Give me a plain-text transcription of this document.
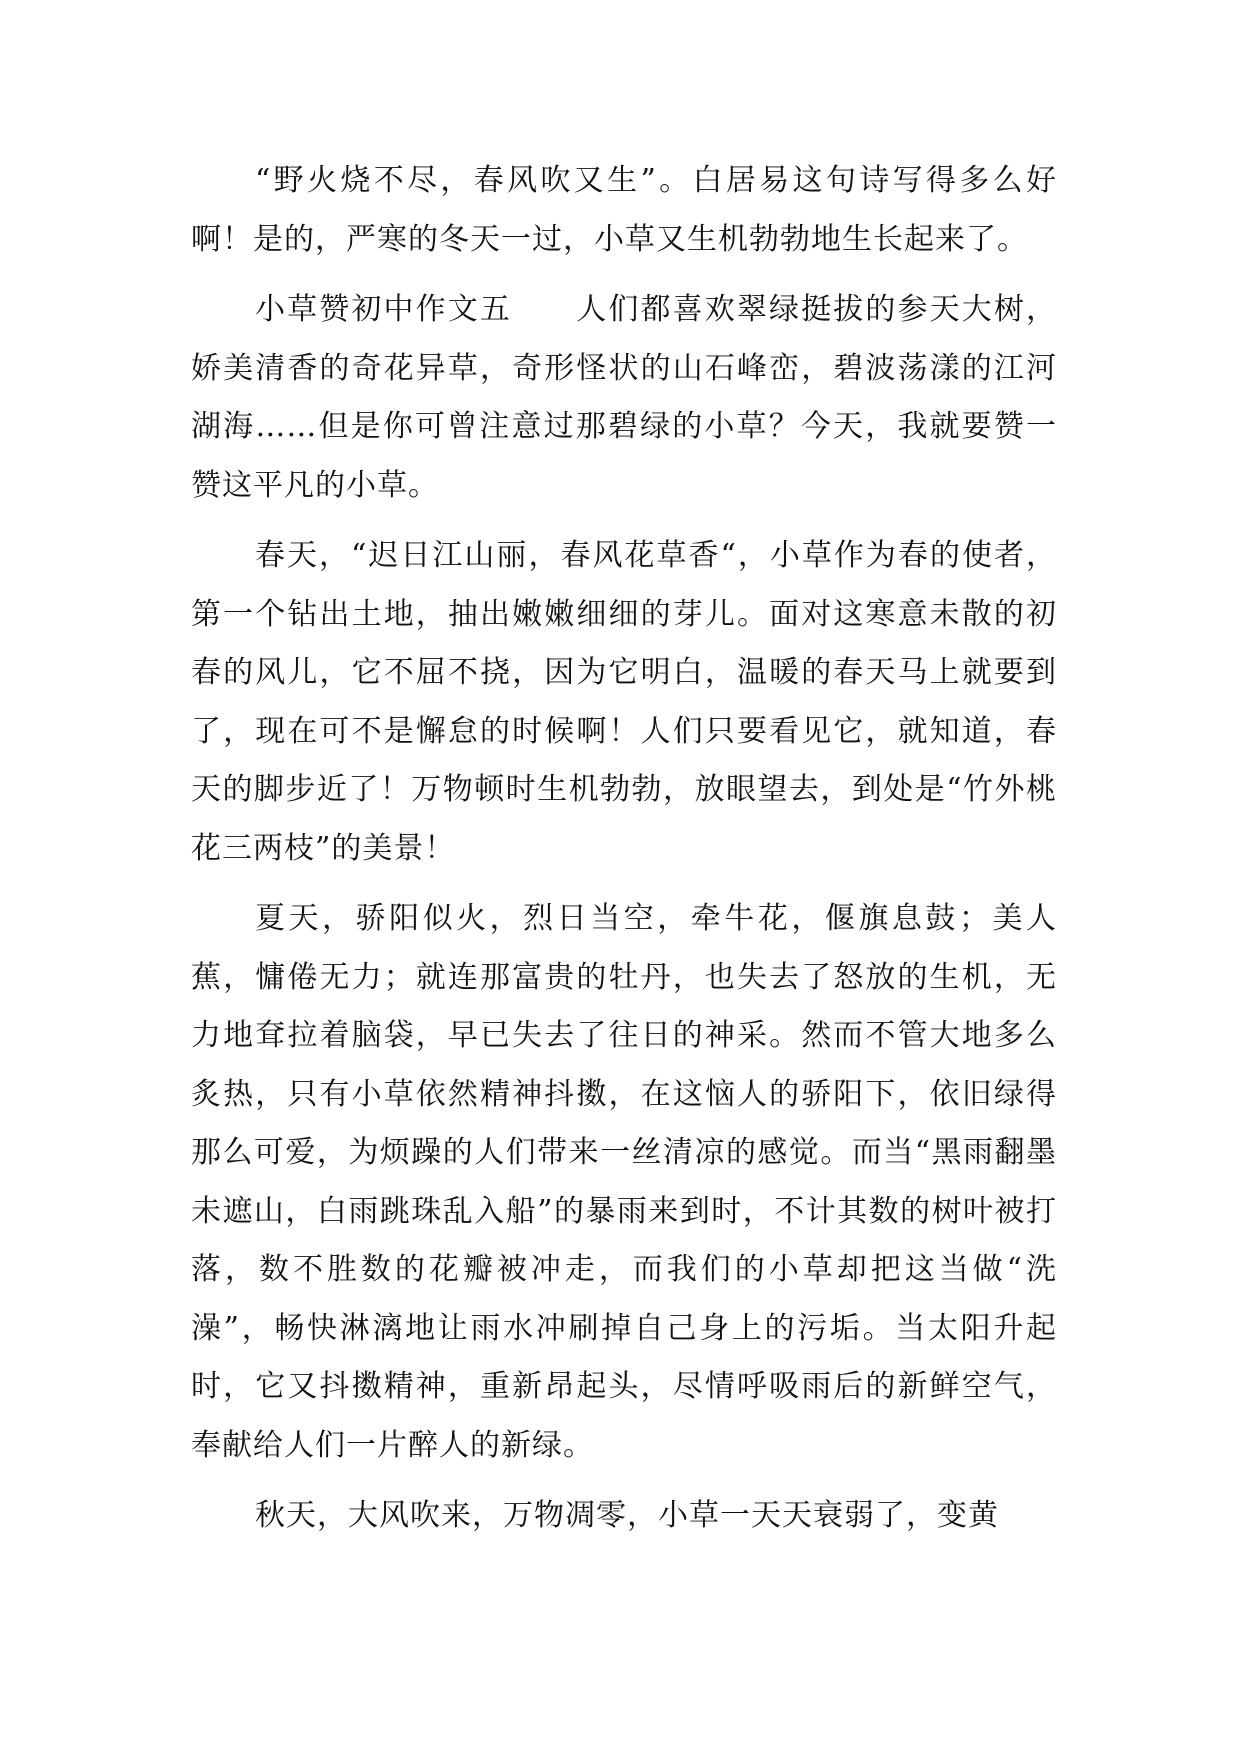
“野火烧不尽，春风吹又生”。白居易这句诗写得多么好啊！是的，严寒的冬天一过，小草又生机勃勃地生长起来了。

小草赞初中作文五　　人们都喜欢翠绿挺拔的参天大树，娇美清香的奇花异草，奇形怪状的山石峰峦，碧波荡漾的江河湖海……但是你可曾注意过那碧绿的小草？今天，我就要赞一赞这平凡的小草。

春天，“迟日江山丽，春风花草香“，小草作为春的使者，第一个钻出土地，抽出嫩嫩细细的芽儿。面对这寒意未散的初春的风儿，它不屈不挠，因为它明白，温暖的春天马上就要到了，现在可不是懈怠的时候啊！人们只要看见它，就知道，春天的脚步近了！万物顿时生机勃勃，放眼望去，到处是“竹外桃花三两枝”的美景！

夏天，骄阳似火，烈日当空，牵牛花，偃旗息鼓；美人蕉，慵倦无力；就连那富贵的牡丹，也失去了怒放的生机，无力地耷拉着脑袋，早已失去了往日的神采。然而不管大地多么炙热，只有小草依然精神抖擞，在这恼人的骄阳下，依旧绿得那么可爱，为烦躁的人们带来一丝清凉的感觉。而当“黑雨翻墨未遮山，白雨跳珠乱入船”的暴雨来到时，不计其数的树叶被打落，数不胜数的花瓣被冲走，而我们的小草却把这当做“洗澡”，畅快淋漓地让雨水冲刷掉自己身上的污垢。当太阳升起时，它又抖擞精神，重新昂起头，尽情呼吸雨后的新鲜空气，奉献给人们一片醉人的新绿。

秋天，大风吹来，万物凋零，小草一天天衰弱了，变黄
